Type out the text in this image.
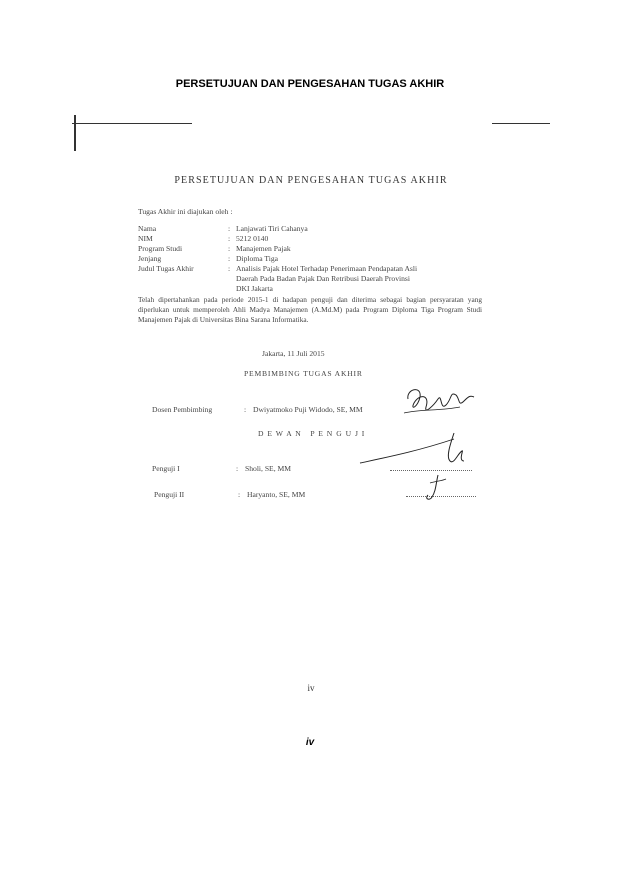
PERSETUJUAN DAN PENGESAHAN TUGAS AKHIR
PERSETUJUAN DAN PENGESAHAN TUGAS AKHIR
Tugas Akhir ini diajukan oleh :
Nama	: Lanjawati Tiri Cahanya
NIM	: 5212 0140
Program Studi	: Manajemen Pajak
Jenjang	: Diploma Tiga
Judul Tugas Akhir	: Analisis Pajak Hotel Terhadap Penerimaan Pendapatan Asli
Daerah Pada Badan Pajak Dan Retribusi Daerah Provinsi
DKI Jakarta
Telah dipertahankan pada periode 2015-1 di hadapan penguji dan diterima sebagai bagian persyaratan yang diperlukan untuk memperoleh Ahli Madya Manajemen (A.Md.M) pada Program Diploma Tiga Program Studi Manajemen Pajak di Universitas Bina Sarana Informatika.
Jakarta, 11 Juli 2015
PEMBIMBING TUGAS AKHIR
Dosen Pembimbing	: Dwiyatmoko Puji Widodo, SE, MM
D E W A N   P E N G U J I
Penguji I	: Sholi, SE, MM
Penguji II	: Haryanto, SE, MM
iv
iv
